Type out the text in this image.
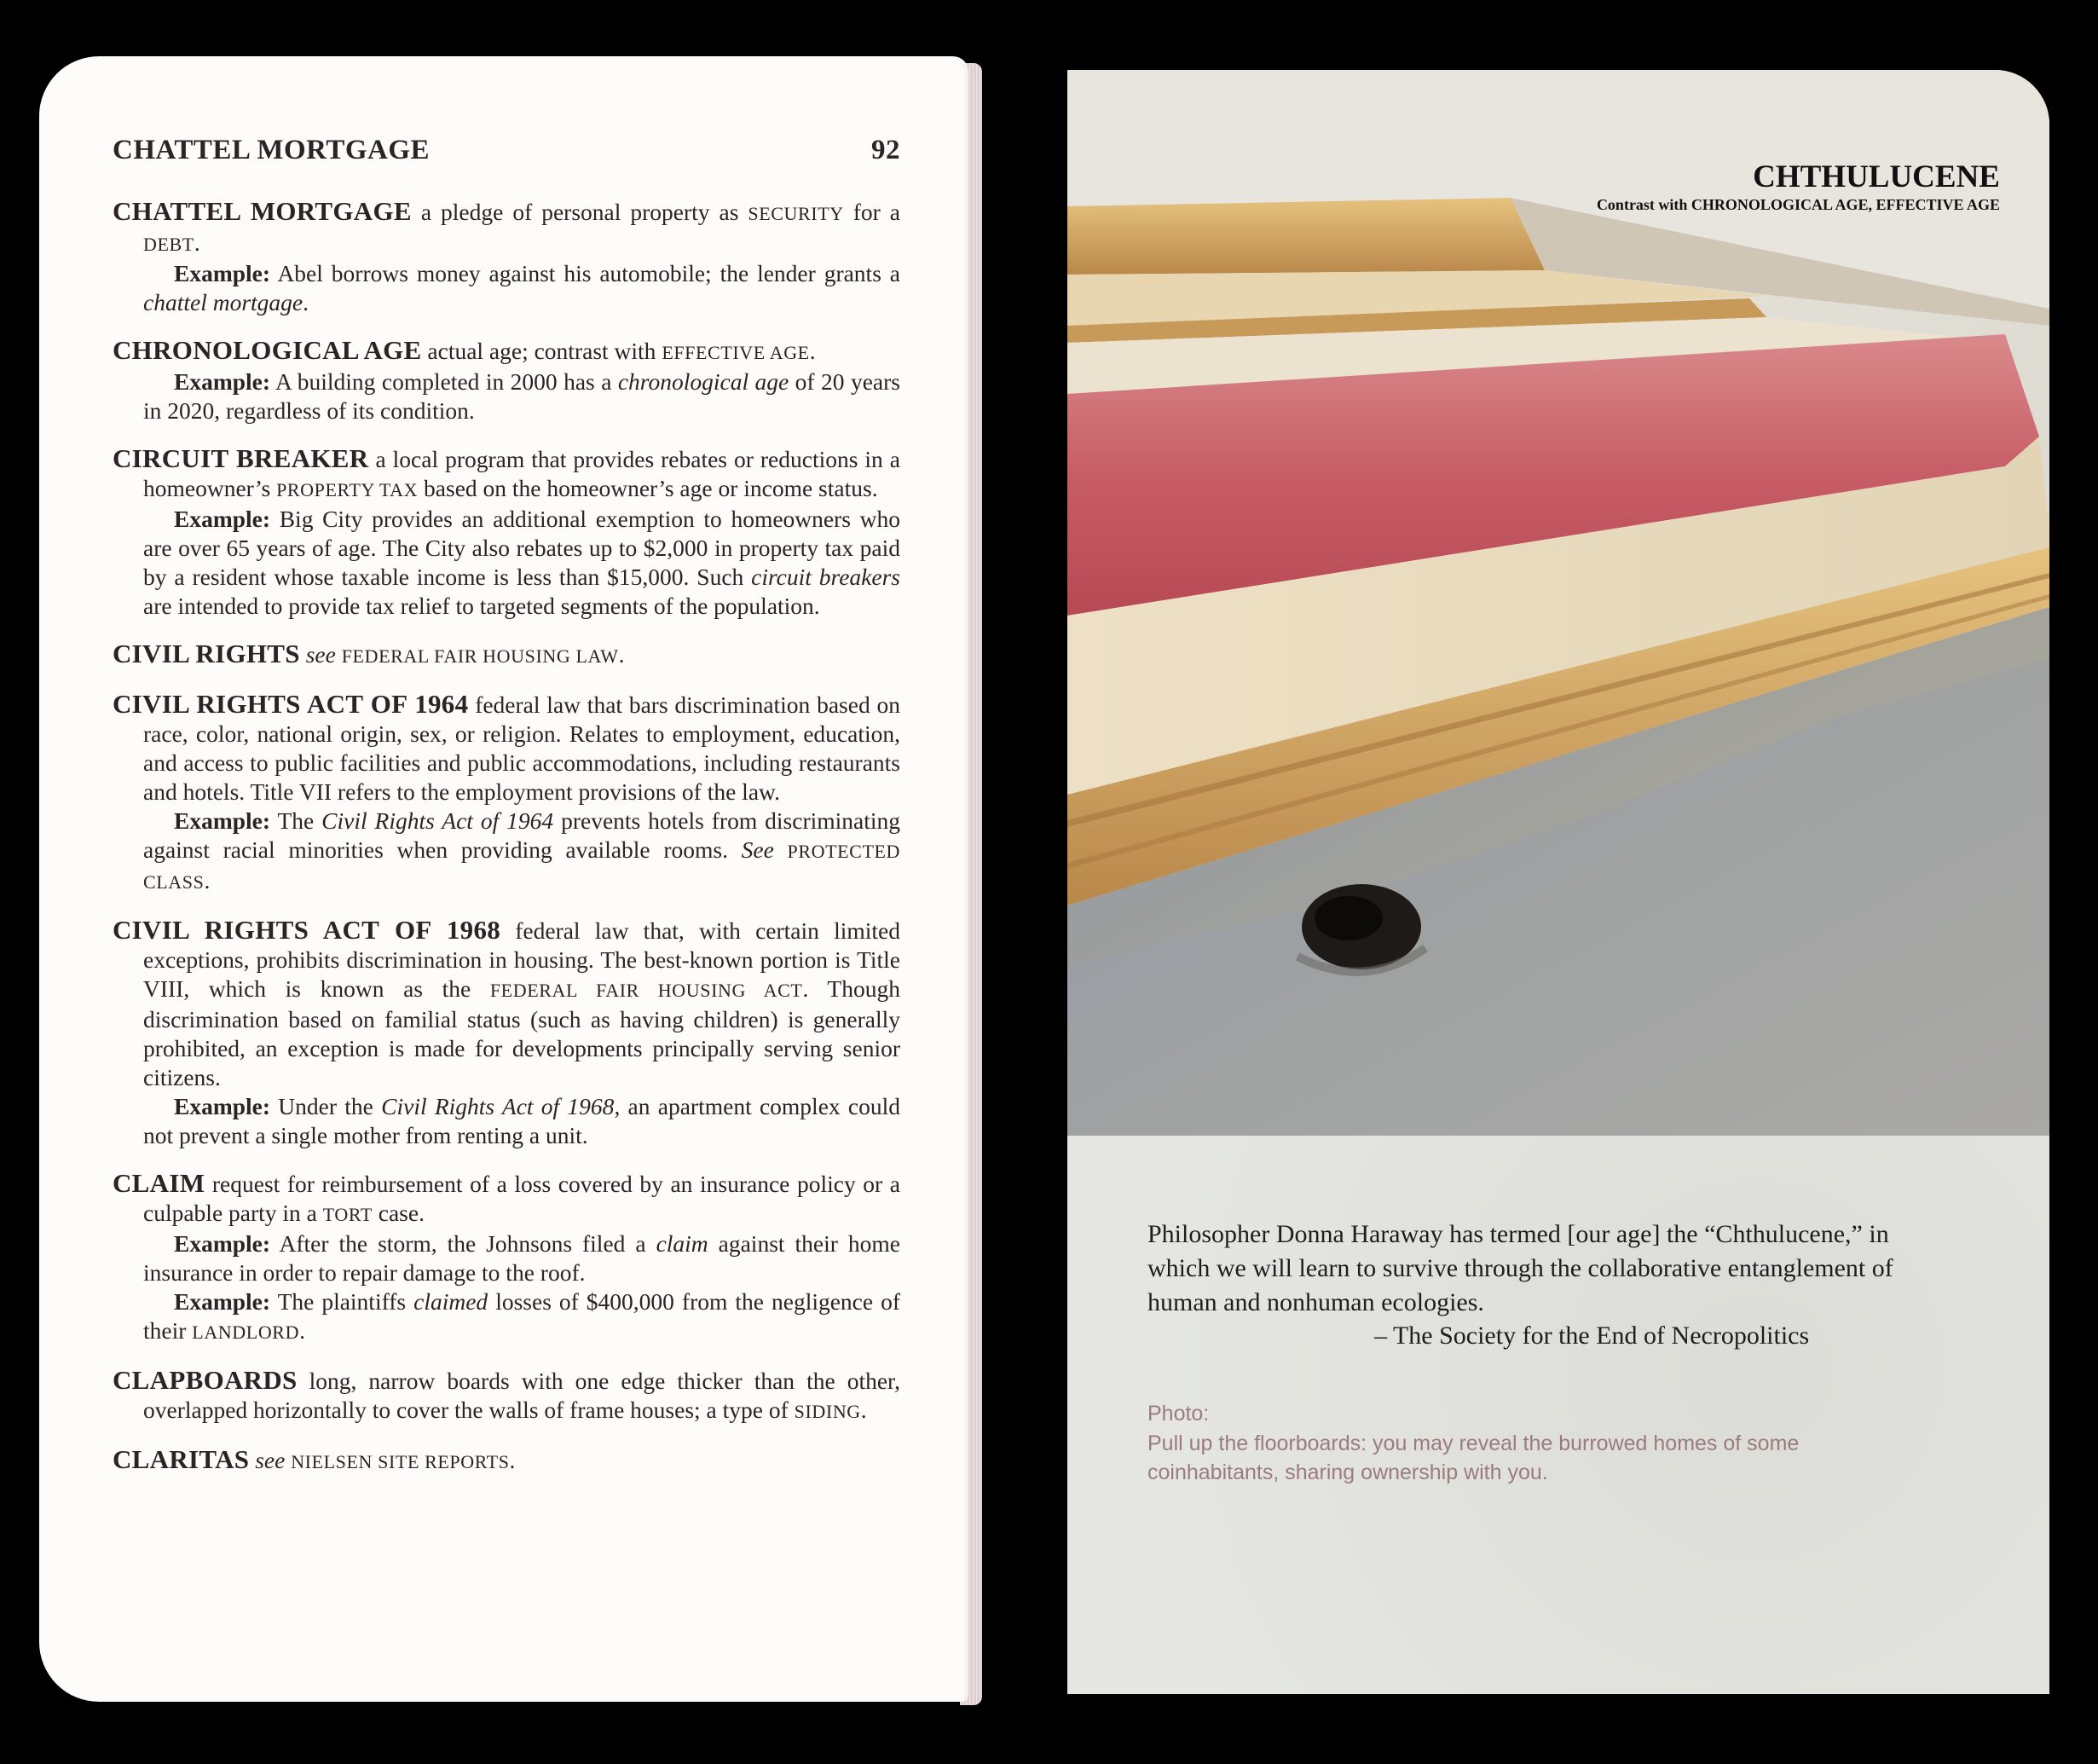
CHATTEL MORTGAGE	92
CHATTEL MORTGAGE a pledge of personal property as SECURITY for a DEBT.
Example: Abel borrows money against his automobile; the lender grants a chattel mortgage.
CHRONOLOGICAL AGE actual age; contrast with EFFECTIVE AGE.
Example: A building completed in 2000 has a chronological age of 20 years in 2020, regardless of its condition.
CIRCUIT BREAKER a local program that provides rebates or reductions in a homeowner’s PROPERTY TAX based on the homeowner’s age or income status.
Example: Big City provides an additional exemption to homeowners who are over 65 years of age. The City also rebates up to $2,000 in property tax paid by a resident whose taxable income is less than $15,000. Such circuit breakers are intended to provide tax relief to targeted segments of the population.
CIVIL RIGHTS see FEDERAL FAIR HOUSING LAW.
CIVIL RIGHTS ACT OF 1964 federal law that bars discrimination based on race, color, national origin, sex, or religion. Relates to employment, education, and access to public facilities and public accommodations, including restaurants and hotels. Title VII refers to the employment provisions of the law.
Example: The Civil Rights Act of 1964 prevents hotels from discriminating against racial minorities when providing available rooms. See PROTECTED CLASS.
CIVIL RIGHTS ACT OF 1968 federal law that, with certain limited exceptions, prohibits discrimination in housing. The best-known portion is Title VIII, which is known as the FEDERAL FAIR HOUSING ACT. Though discrimination based on familial status (such as having children) is generally prohibited, an exception is made for developments principally serving senior citizens.
Example: Under the Civil Rights Act of 1968, an apartment complex could not prevent a single mother from renting a unit.
CLAIM request for reimbursement of a loss covered by an insurance policy or a culpable party in a TORT case.
Example: After the storm, the Johnsons filed a claim against their home insurance in order to repair damage to the roof.
Example: The plaintiffs claimed losses of $400,000 from the negligence of their LANDLORD.
CLAPBOARDS long, narrow boards with one edge thicker than the other, overlapped horizontally to cover the walls of frame houses; a type of SIDING.
CLARITAS see NIELSEN SITE REPORTS.
CHTHULUCENE
Contrast with CHRONOLOGICAL AGE, EFFECTIVE AGE
Philosopher Donna Haraway has termed [our age] the “Chthulucene,” in which we will learn to survive through the collaborative entanglement of human and nonhuman ecologies.
– The Society for the End of Necropolitics
Photo:
Pull up the floorboards: you may reveal the burrowed homes of some coinhabitants, sharing ownership with you.
